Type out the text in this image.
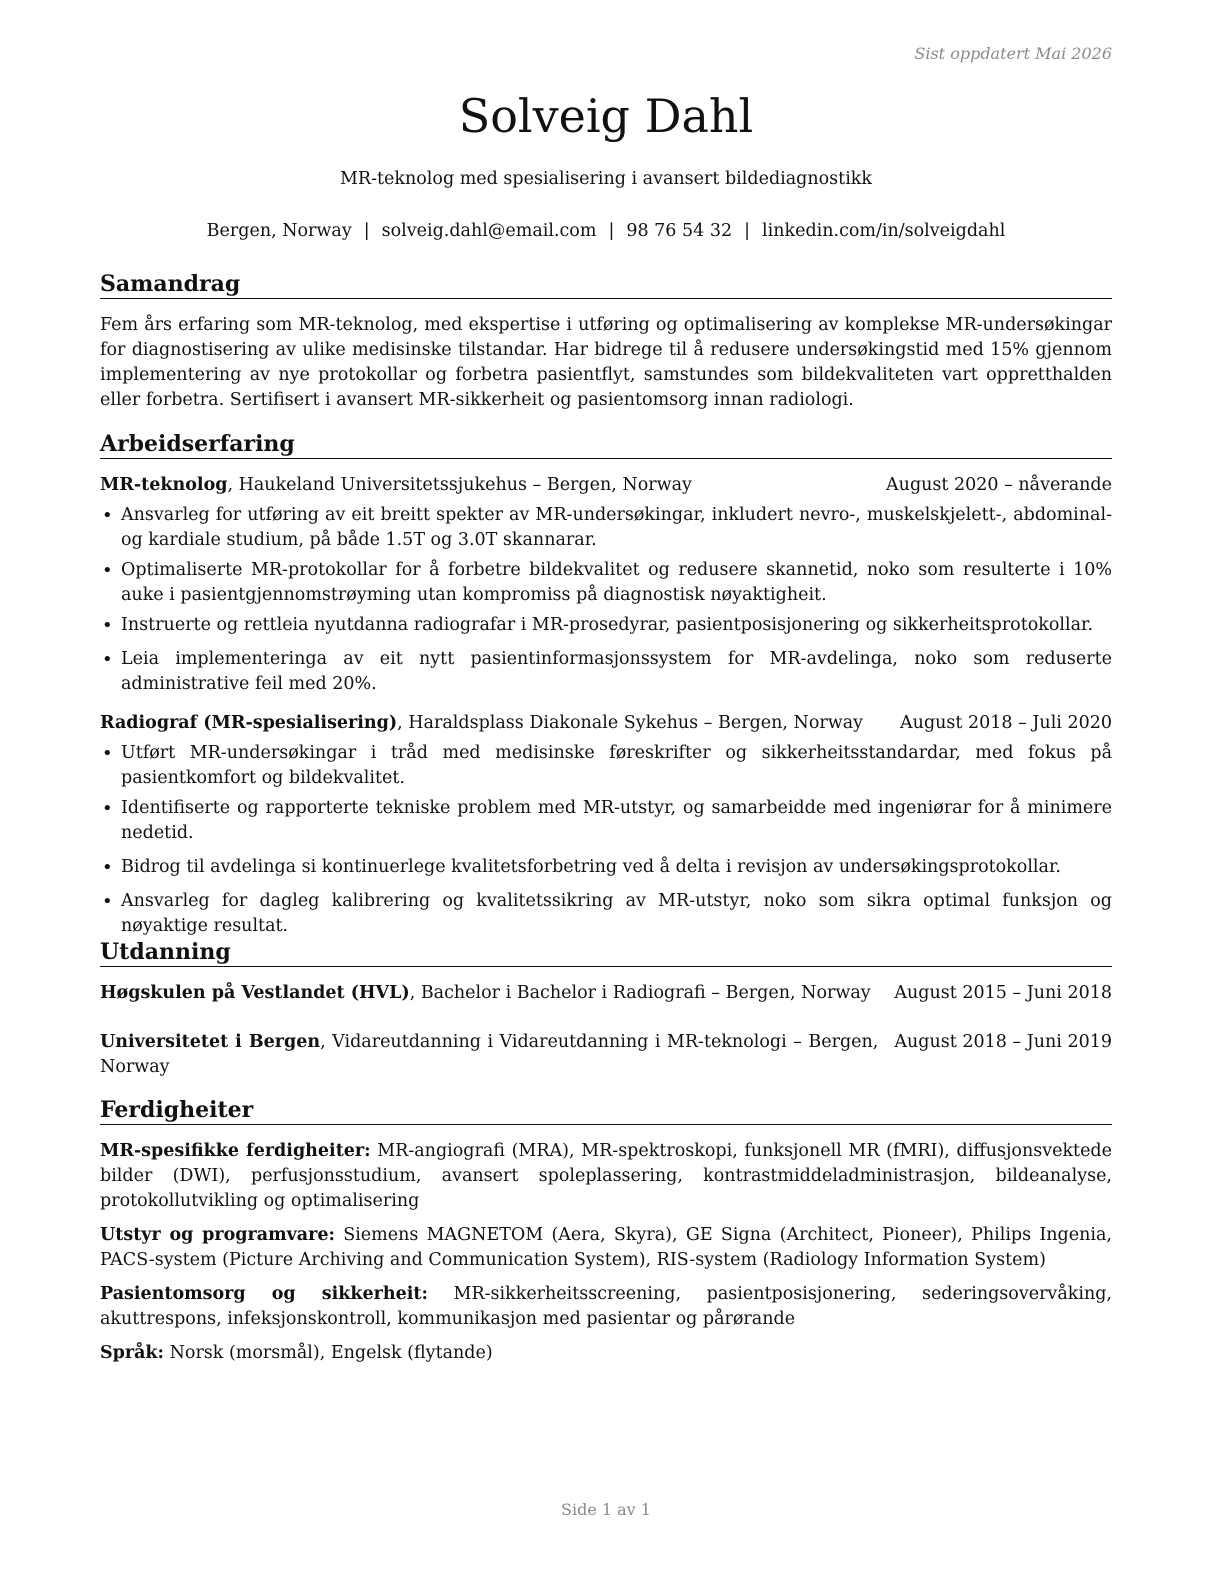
Sist oppdatert Mai 2026
Solveig Dahl
MR-teknolog med spesialisering i avansert bildediagnostikk
Bergen, Norway | solveig.dahl@email.com | 98 76 54 32 | linkedin.com/in/solveigdahl
Samandrag

Fem års erfaring som MR-teknolog, med ekspertise i utføring og optimalisering av komplekse MR-undersøkingar for diagnostisering av ulike medisinske tilstandar. Har bidrege til å redusere undersøkingstid med 15% gjennom implementering av nye protokollar og forbetra pasientflyt, samstundes som bildekvaliteten vart oppretthalden eller forbetra. Sertifisert i avansert MR-sikkerheit og pasientomsorg innan radiologi.

Arbeidserfaring
MR-teknolog, Haukeland Universitetssjukehus – Bergen, Norway	August 2020 – nåverande
• Ansvarleg for utføring av eit breitt spekter av MR-undersøkingar, inkludert nevro-, muskelskjelett-, abdominal- og kardiale studium, på både 1.5T og 3.0T skannarar.
• Optimaliserte MR-protokollar for å forbetre bildekvalitet og redusere skannetid, noko som resulterte i 10% auke i pasientgjennomstrøyming utan kompromiss på diagnostisk nøyaktigheit.
• Instruerte og rettleia nyutdanna radiografar i MR-prosedyrar, pasientposisjonering og sikkerheitsprotokollar.
• Leia implementeringa av eit nytt pasientinformasjonssystem for MR-avdelinga, noko som reduserte administrative feil med 20%.
Radiograf (MR-spesialisering), Haraldsplass Diakonale Sykehus – Bergen, Norway	August 2018 – Juli 2020
• Utført MR-undersøkingar i tråd med medisinske føreskrifter og sikkerheitsstandardar, med fokus på pasientkomfort og bildekvalitet.
• Identifiserte og rapporterte tekniske problem med MR-utstyr, og samarbeidde med ingeniørar for å minimere nedetid.
• Bidrog til avdelinga si kontinuerlege kvalitetsforbetring ved å delta i revisjon av undersøkingsprotokollar.
• Ansvarleg for dagleg kalibrering og kvalitetssikring av MR-utstyr, noko som sikra optimal funksjon og nøyaktige resultat.
Utdanning
Høgskulen på Vestlandet (HVL), Bachelor i Bachelor i Radiografi – Bergen, Norway	August 2015 – Juni 2018
Universitetet i Bergen, Vidareutdanning i Vidareutdanning i MR-teknologi – Bergen, Norway
August 2018 – Juni 2019
Ferdigheiter

MR-spesifikke ferdigheiter: MR-angiografi (MRA), MR-spektroskopi, funksjonell MR (fMRI), diffusjonsvektede bilder (DWI), perfusjonsstudium, avansert spoleplassering, kontrastmiddeladministrasjon, bildeanalyse, protokollutvikling og optimalisering

Utstyr og programvare: Siemens MAGNETOM (Aera, Skyra), GE Signa (Architect, Pioneer), Philips Ingenia, PACS-system (Picture Archiving and Communication System), RIS-system (Radiology Information System)

Pasientomsorg og sikkerheit: MR-sikkerheitsscreening, pasientposisjonering, sederingsovervåking, akuttrespons, infeksjonskontroll, kommunikasjon med pasientar og pårørande

Språk: Norsk (morsmål), Engelsk (flytande)

Side 1 av 1
